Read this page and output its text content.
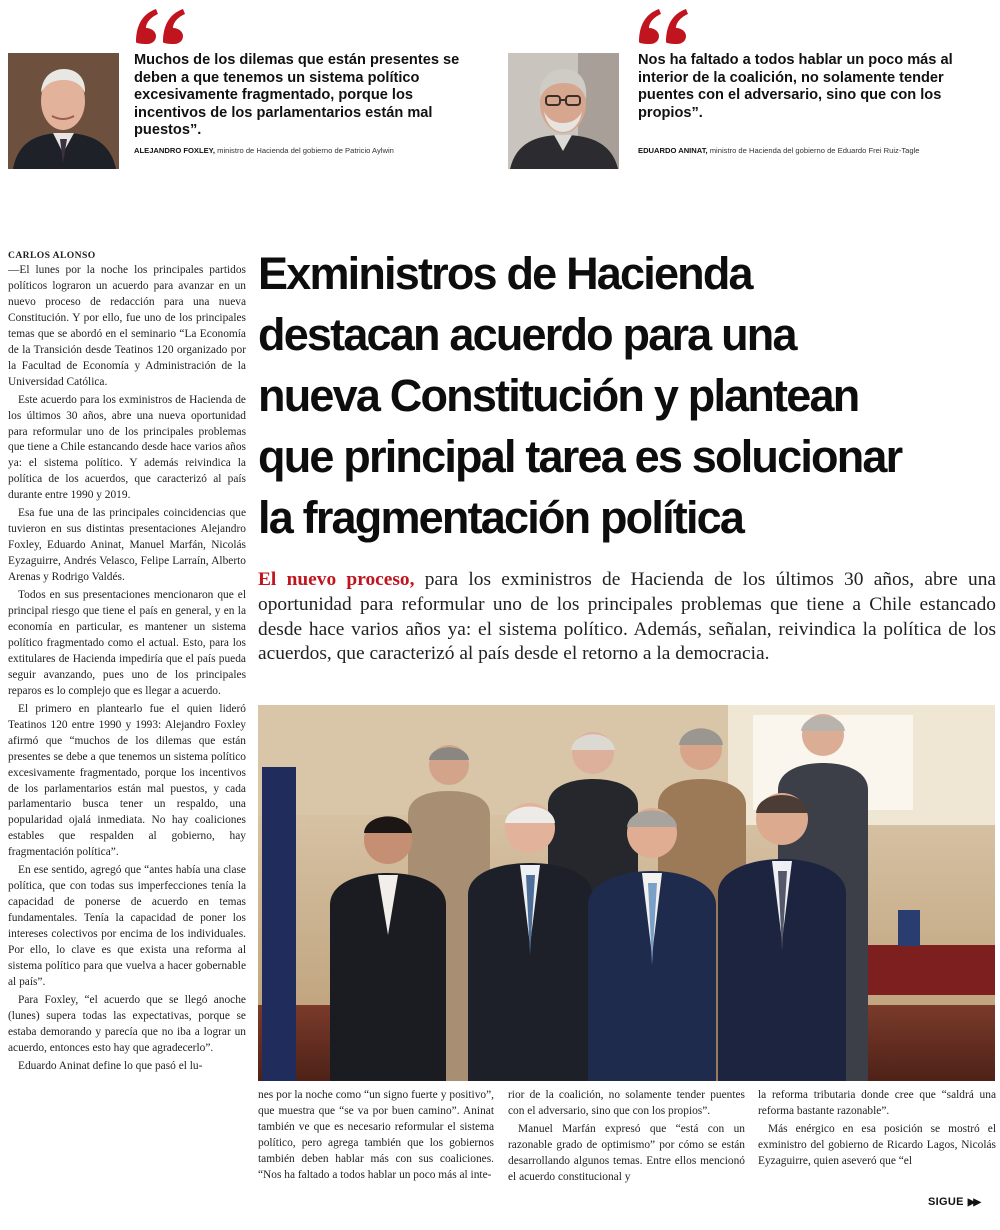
Muchos de los dilemas que están presentes se deben a que tenemos un sistema político excesivamente fragmentado, porque los incentivos de los parlamentarios están mal puestos”.

ALEJANDRO FOXLEY, ministro de Hacienda del gobierno de Patricio Aylwin

Nos ha faltado a todos hablar un poco más al interior de la coalición, no solamente tender puentes con el adversario, sino que con los propios”.

EDUARDO ANINAT, ministro de Hacienda del gobierno de Eduardo Frei Ruiz-Tagle

CARLOS ALONSO

—El lunes por la noche los principales partidos políticos lograron un acuerdo para avanzar en un nuevo proceso de redacción para una nueva Constitución. Y por ello, fue uno de los principales temas que se abordó en el seminario “La Economía de la Transición desde Teatinos 120 organizado por la Facultad de Economía y Administración de la Universidad Católica.

Este acuerdo para los exministros de Hacienda de los últimos 30 años, abre una nueva oportunidad para reformular uno de los principales problemas que tiene a Chile estancando desde hace varios años ya: el sistema político. Y además reivindica la política de los acuerdos, que caracterizó al país durante entre 1990 y 2019.

Esa fue una de las principales coincidencias que tuvieron en sus distintas presentaciones Alejandro Foxley, Eduardo Aninat, Manuel Marfán, Nicolás Eyzaguirre, Andrés Velasco, Felipe Larraín, Alberto Arenas y Rodrigo Valdés.

Todos en sus presentaciones mencionaron que el principal riesgo que tiene el país en general, y en la economía en particular, es mantener un sistema político fragmentado como el actual. Esto, para los extitulares de Hacienda impediría que el país pueda seguir avanzando, pues uno de los principales reparos es lo complejo que es llegar a acuerdo.

El primero en plantearlo fue el quien lideró Teatinos 120 entre 1990 y 1993: Alejandro Foxley afirmó que “muchos de los dilemas que están presentes se debe a que tenemos un sistema político excesivamente fragmentado, porque los incentivos de los parlamentarios están mal puestos, y cada parlamentario busca tener un respaldo, una popularidad ojalá inmediata. No hay coaliciones estables que respalden al gobierno, hay fragmentación política”.

En ese sentido, agregó que “antes había una clase política, que con todas sus imperfecciones tenía la capacidad de ponerse de acuerdo en temas fundamentales. Tenía la capacidad de poner los intereses colectivos por encima de los individuales. Por ello, lo clave es que exista una reforma al sistema político para que vuelva a hacer gobernable al país”.

Para Foxley, “el acuerdo que se llegó anoche (lunes) supera todas las expectativas, porque se estaba demorando y parecía que no iba a lograr un acuerdo, entonces esto hay que agradecerlo”.

Eduardo Aninat define lo que pasó el lu-

Exministros de Hacienda
destacan acuerdo para una
nueva Constitución y plantean
que principal tarea es solucionar
la fragmentación política

El nuevo proceso, para los exministros de Hacienda de los últimos 30 años, abre una oportunidad para reformular uno de los principales problemas que tiene a Chile estancado desde hace varios años ya: el sistema político. Además, señalan, reivindica la política de los acuerdos, que caracterizó al país desde el retorno a la democracia.

nes por la noche como “un signo fuerte y positivo”, que muestra que “se va por buen camino”. Aninat también ve que es necesario reformular el sistema político, pero agrega también que los gobiernos también deben hablar más con sus coaliciones. “Nos ha faltado a todos hablar un poco más al inte-

rior de la coalición, no solamente tender puentes con el adversario, sino que con los propios”.

Manuel Marfán expresó que “está con un razonable grado de optimismo” por cómo se están desarrollando algunos temas. Entre ellos mencionó el acuerdo constitucional y

la reforma tributaria donde cree que “saldrá una reforma bastante razonable”.

Más enérgico en esa posición se mostró el exministro del gobierno de Ricardo Lagos, Nicolás Eyzaguirre, quien aseveró que “el

SIGUE ▶▶
